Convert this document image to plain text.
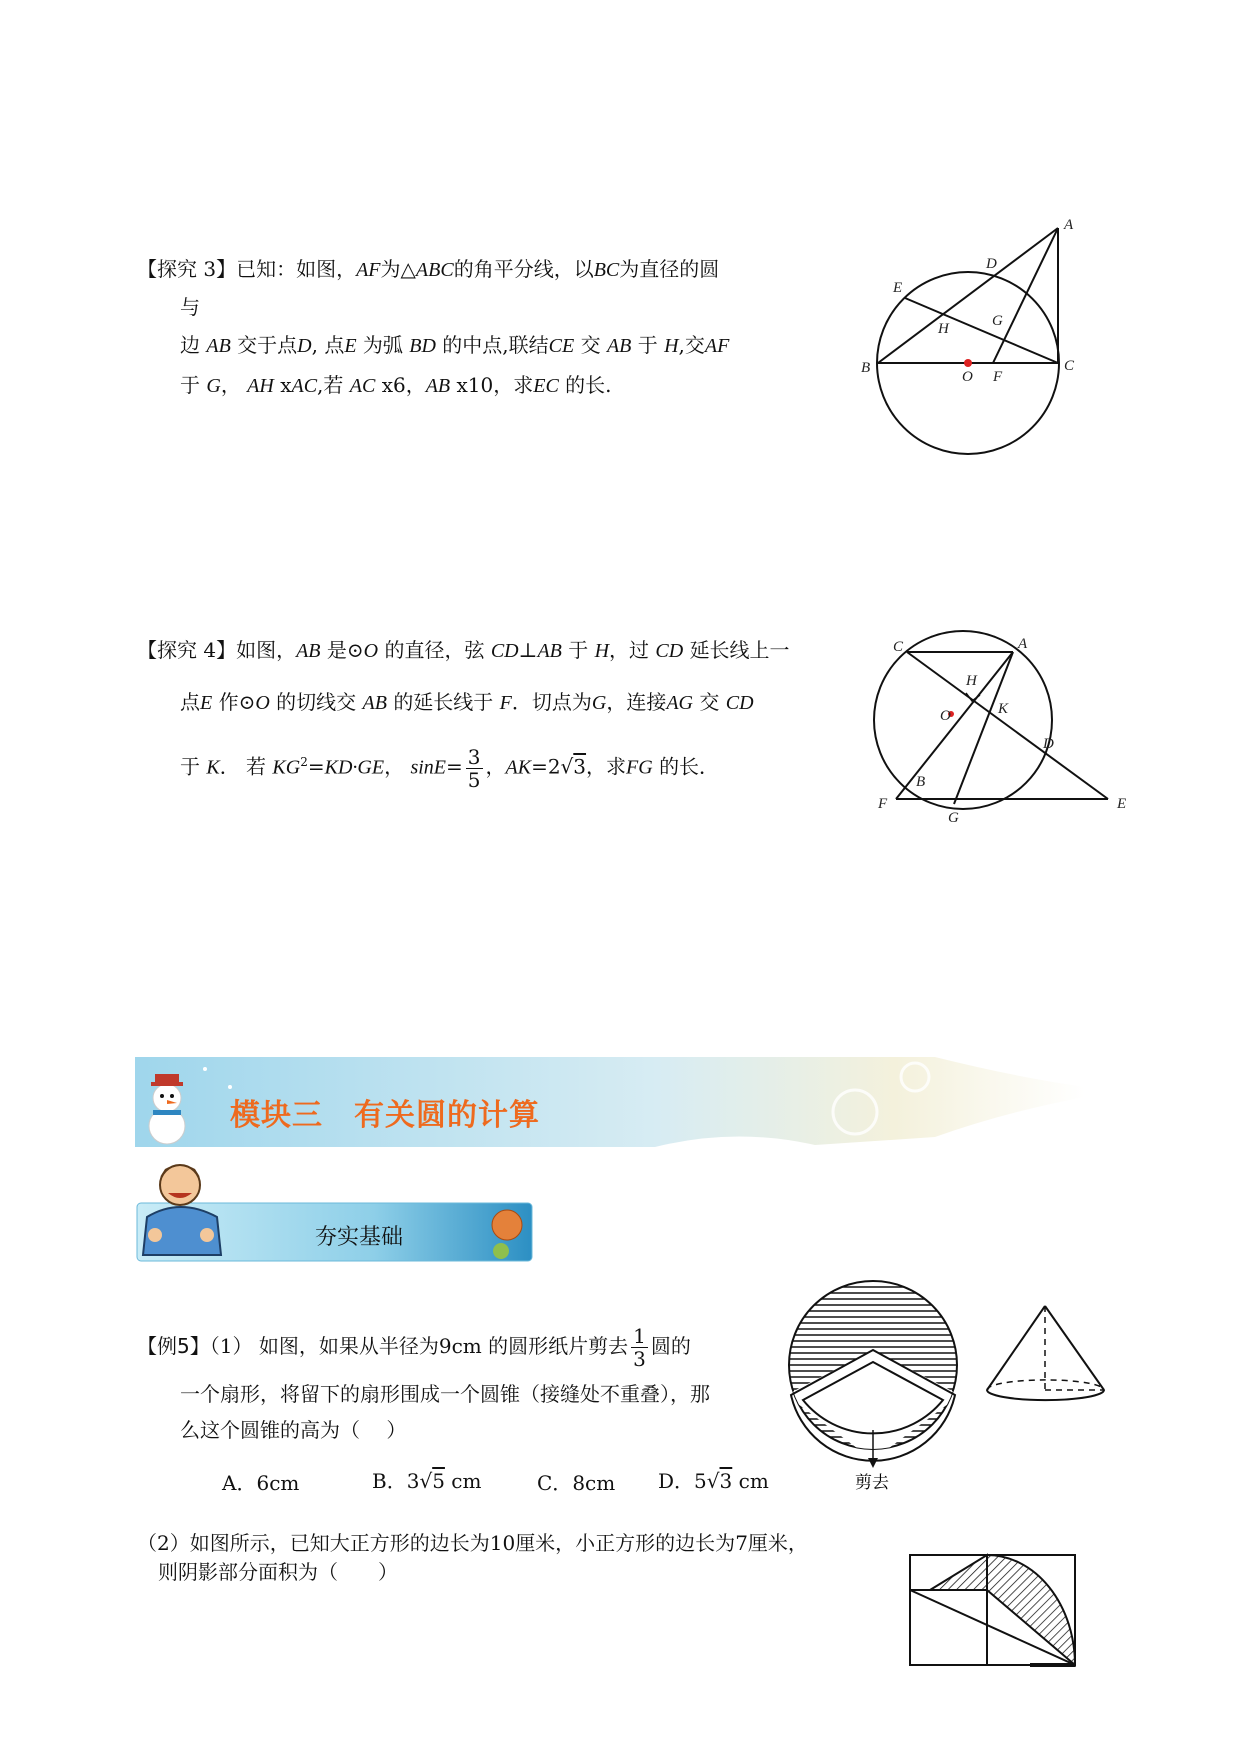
【探究 3】已知：如图，AF为△ABC的角平分线，以BC为直径的圆
与
边 AB 交于点D, 点E 为弧 BD 的中点,联结CE 交 AB 于 H,交AF
于 G， AH ⅹAC,若 AC ⅹ6，AB ⅹ10，求EC 的长.
A
D
E
H	G
B
O F
C
【探究 4】如图，AB 是⊙O 的直径，弦 CD⊥AB 于 H，过 CD 延长线上一
点E 作⊙O 的切线交 AB 的延长线于 F．切点为G，连接AG 交 CD
于 K． 若 $KG^2=KD\cdot GE$， $\sin E= \frac{3}{5}$ ，AK=2√3，求FG 的长．
C	A
H
O	K
D
B
F
G
E
模块三　有关圆的计算
夯实基础
【例5】（1） 如图，如果从半径为9cm 的圆形纸片剪去 $\frac{1}{3}$ 圆的
一个扇形，将留下的扇形围成一个圆锥（接缝处不重叠），那
么这个圆锥的高为（　 ）
A．6cm	B．3√5 cm	C．8cm D．5√3 cm	剪去
（2）如图所示，已知大正方形的边长为10厘米，小正方形的边长为7厘米，
则阴影部分面积为（　　）
